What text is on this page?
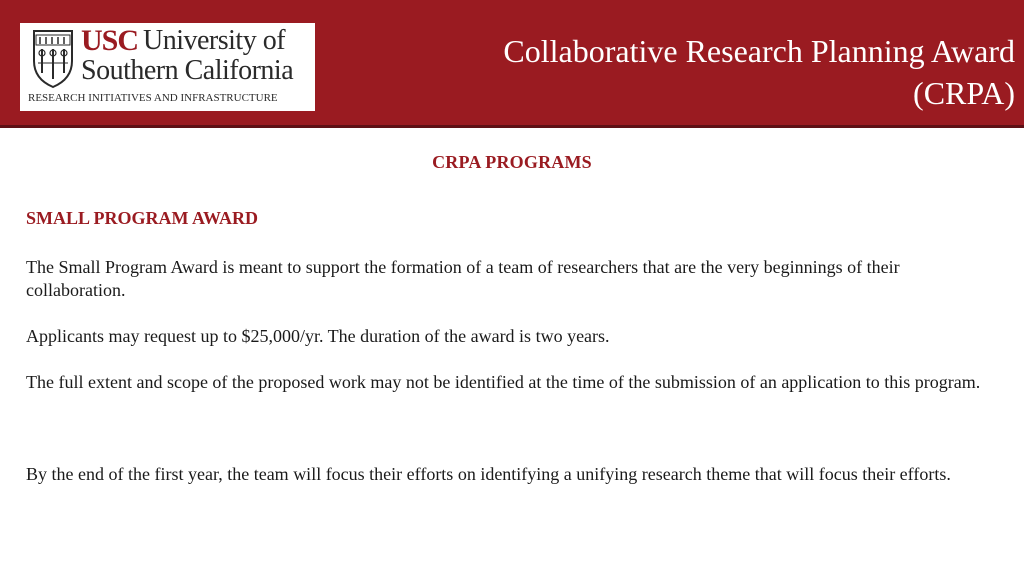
USC University of
Southern California
RESEARCH INITIATIVES AND INFRASTRUCTURE
Collaborative Research Planning Award
(CRPA)
CRPA PROGRAMS
SMALL PROGRAM AWARD
The Small Program Award is meant to support the formation of a team of researchers that are the very beginnings of their collaboration.
Applicants may request up to $25,000/yr. The duration of the award is two years.
The full extent and scope of the proposed work may not be identified at the time of the submission of an application to this program.
By the end of the first year, the team will focus their efforts on identifying a unifying research theme that will focus their efforts.
